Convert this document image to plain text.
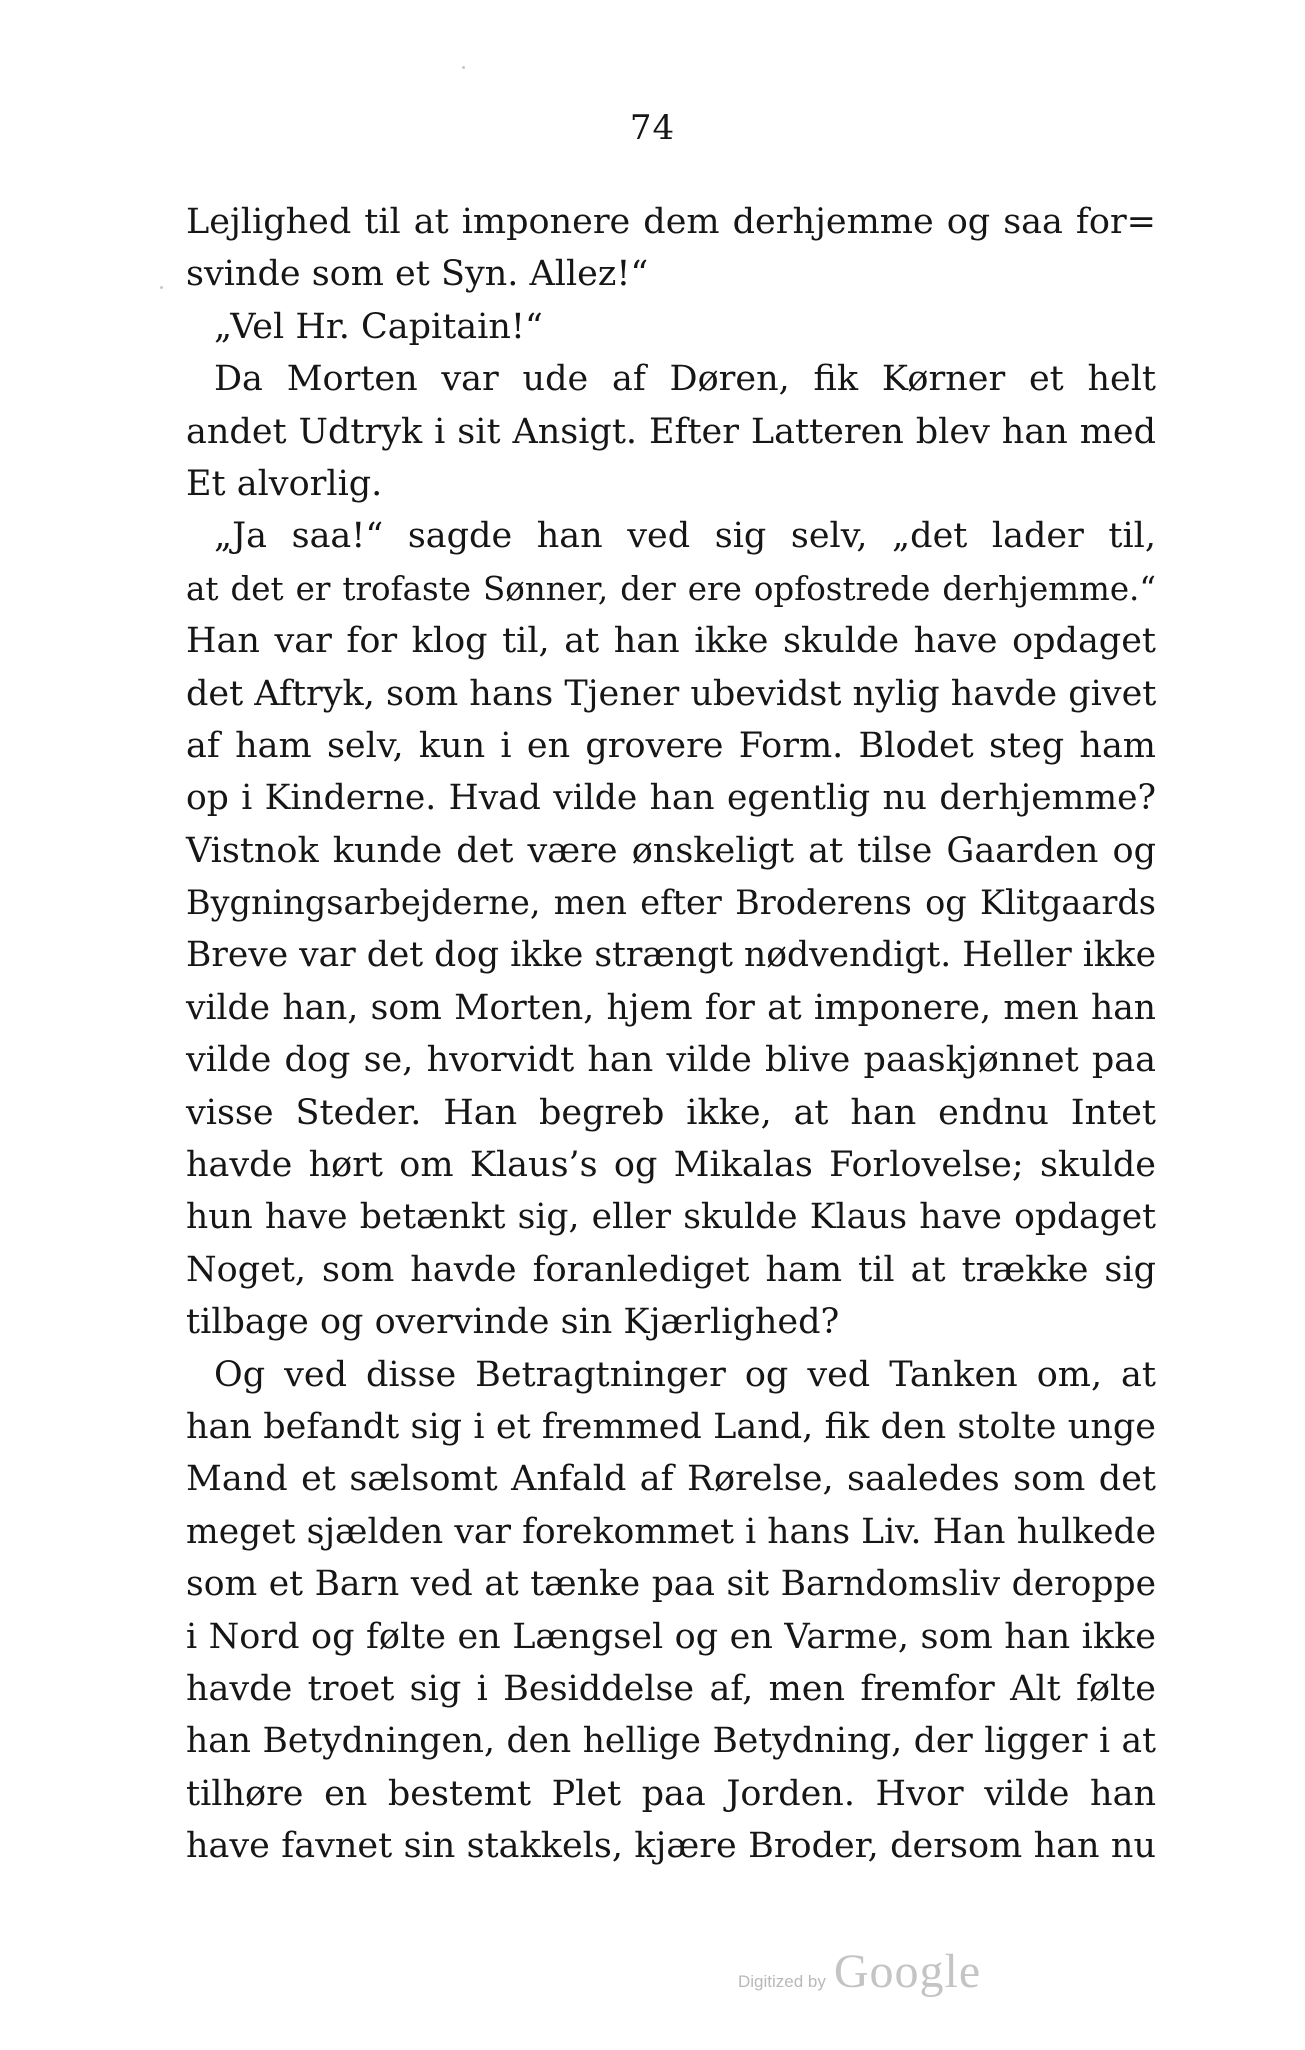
74
Lejlighed til at imponere dem derhjemme og saa for=
svinde som et Syn. Allez!“
„Vel Hr. Capitain!“
Da Morten var ude af Døren, fik Kørner et helt
andet Udtryk i sit Ansigt. Efter Latteren blev han med
Et alvorlig.
„Ja saa!“ sagde han ved sig selv, „det lader til,
at det er trofaste Sønner, der ere opfostrede derhjemme.“
Han var for klog til, at han ikke skulde have opdaget
det Aftryk, som hans Tjener ubevidst nylig havde givet
af ham selv, kun i en grovere Form. Blodet steg ham
op i Kinderne. Hvad vilde han egentlig nu derhjemme?
Vistnok kunde det være ønskeligt at tilse Gaarden og
Bygningsarbejderne, men efter Broderens og Klitgaards
Breve var det dog ikke strængt nødvendigt. Heller ikke
vilde han, som Morten, hjem for at imponere, men han
vilde dog se, hvorvidt han vilde blive paaskjønnet paa
visse Steder. Han begreb ikke, at han endnu Intet
havde hørt om Klaus’s og Mikalas Forlovelse; skulde
hun have betænkt sig, eller skulde Klaus have opdaget
Noget, som havde foranlediget ham til at trække sig
tilbage og overvinde sin Kjærlighed?
Og ved disse Betragtninger og ved Tanken om, at
han befandt sig i et fremmed Land, fik den stolte unge
Mand et sælsomt Anfald af Rørelse, saaledes som det
meget sjælden var forekommet i hans Liv. Han hulkede
som et Barn ved at tænke paa sit Barndomsliv deroppe
i Nord og følte en Længsel og en Varme, som han ikke
havde troet sig i Besiddelse af, men fremfor Alt følte
han Betydningen, den hellige Betydning, der ligger i at
tilhøre en bestemt Plet paa Jorden. Hvor vilde han
have favnet sin stakkels, kjære Broder, dersom han nu
Digitized by Google
